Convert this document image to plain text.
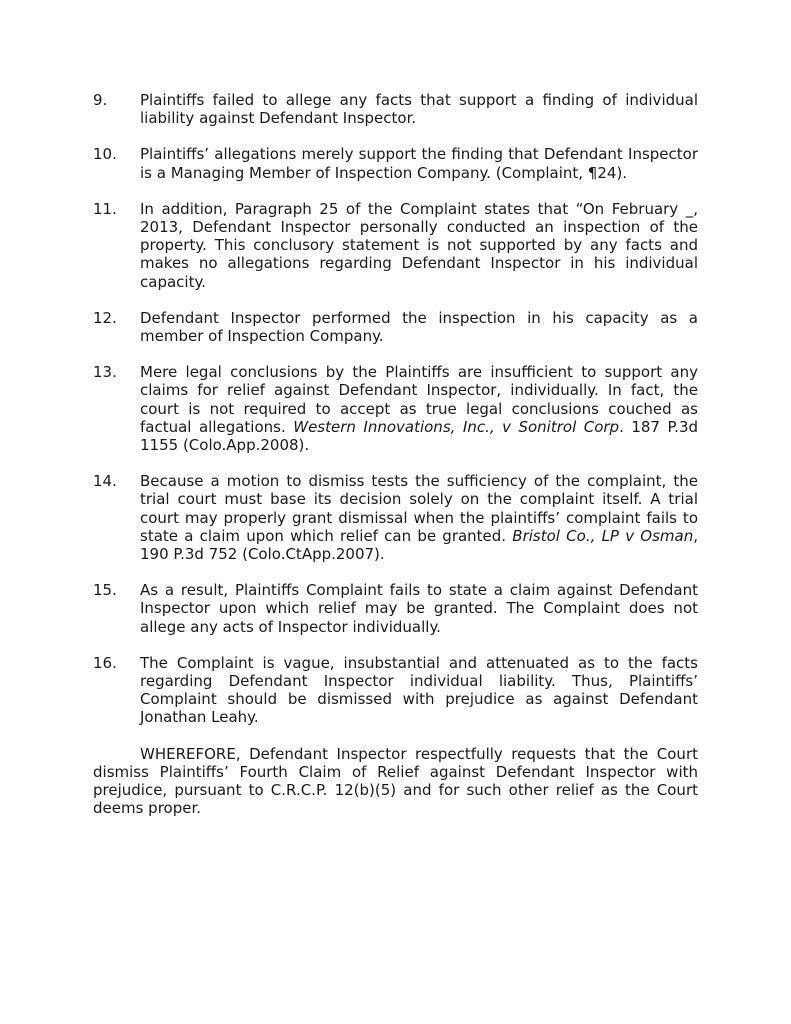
9. Plaintiffs failed to allege any facts that support a finding of individual liability against Defendant Inspector.
10. Plaintiffs’ allegations merely support the finding that Defendant Inspector is a Managing Member of Inspection Company. (Complaint, ¶24).
11. In addition, Paragraph 25 of the Complaint states that “On February _, 2013, Defendant Inspector personally conducted an inspection of the property. This conclusory statement is not supported by any facts and makes no allegations regarding Defendant Inspector in his individual capacity.
12. Defendant Inspector performed the inspection in his capacity as a member of Inspection Company.
13. Mere legal conclusions by the Plaintiffs are insufficient to support any claims for relief against Defendant Inspector, individually. In fact, the court is not required to accept as true legal conclusions couched as factual allegations. Western Innovations, Inc., v Sonitrol Corp. 187 P.3d 1155 (Colo.App.2008).
14. Because a motion to dismiss tests the sufficiency of the complaint, the trial court must base its decision solely on the complaint itself. A trial court may properly grant dismissal when the plaintiffs’ complaint fails to state a claim upon which relief can be granted. Bristol Co., LP v Osman, 190 P.3d 752 (Colo.CtApp.2007).
15. As a result, Plaintiffs Complaint fails to state a claim against Defendant Inspector upon which relief may be granted. The Complaint does not allege any acts of Inspector individually.
16. The Complaint is vague, insubstantial and attenuated as to the facts regarding Defendant Inspector individual liability. Thus, Plaintiffs’ Complaint should be dismissed with prejudice as against Defendant Jonathan Leahy.

WHEREFORE, Defendant Inspector respectfully requests that the Court dismiss Plaintiffs’ Fourth Claim of Relief against Defendant Inspector with prejudice, pursuant to C.R.C.P. 12(b)(5) and for such other relief as the Court deems proper.
